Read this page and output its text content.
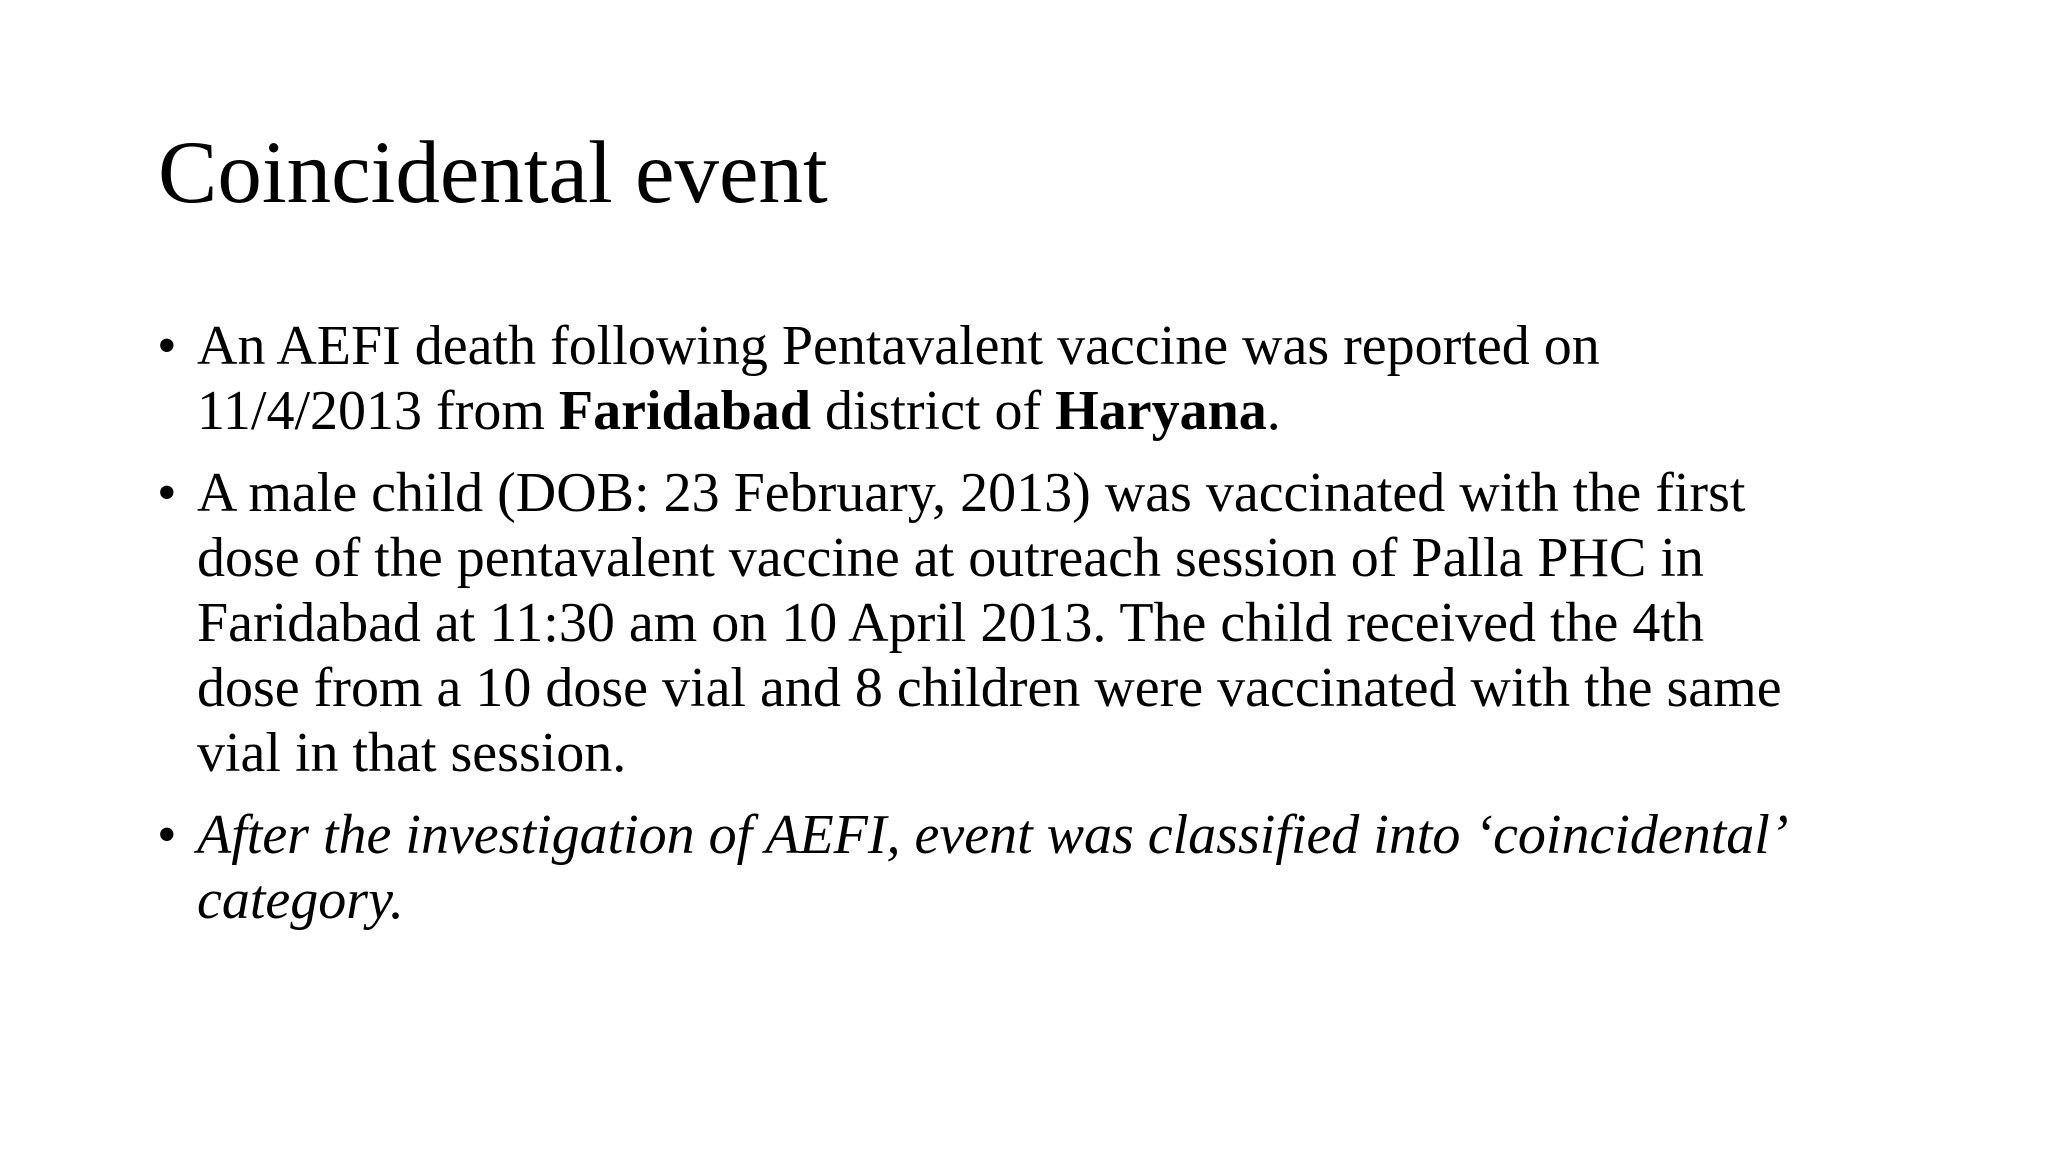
Coincidental event
• An AEFI death following Pentavalent vaccine was reported on
11/4/2013 from Faridabad district of Haryana.
• A male child (DOB: 23 February, 2013) was vaccinated with the first
dose of the pentavalent vaccine at outreach session of Palla PHC in
Faridabad at 11:30 am on 10 April 2013. The child received the 4th
dose from a 10 dose vial and 8 children were vaccinated with the same
vial in that session.
• After the investigation of AEFI, event was classified into ‘coincidental’
category.
